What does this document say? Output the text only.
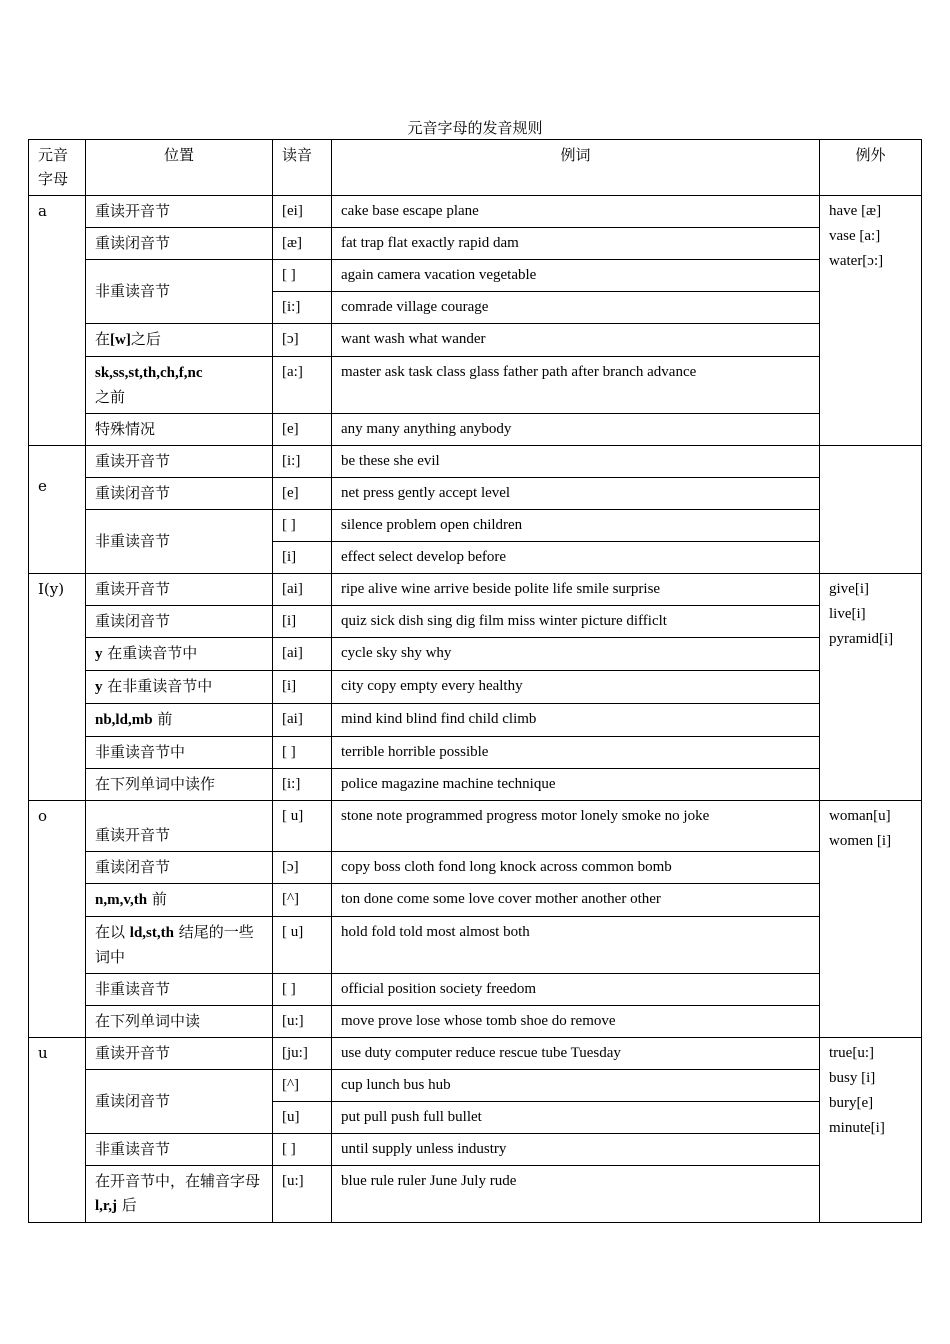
元音字母的发音规则
元音字母	位置	读音	例词	例外
a	重读开音节	[ei]	cake base escape plane	have [æ]
vase [a:]
water[ɔ:]

	重读闭音节	[æ]	fat trap flat exactly rapid dam	
	非重读音节	[ ]	again camera vacation vegetable	
		[i:]	comrade village courage	
	在[w]之后	[ɔ]	want wash what wander	
	sk,ss,st,th,ch,f,nc
之前	[a:]	master ask task class glass father path after branch advance	
	特殊情况	[e]	any many anything anybody	
e	重读开音节	[i:]	be these she evil	
	重读闭音节	[e]	net press gently accept level	
	非重读音节	[ ]	silence problem open children	
		[i]	effect select develop before	
I(y)	重读开音节	[ai]	ripe alive wine arrive beside polite life smile surprise	give[i]
live[i]
pyramid[i]

	重读闭音节	[i]	quiz sick dish sing dig film miss winter picture difficlt	
	y 在重读音节中	[ai]	cycle sky shy why	
	y 在非重读音节中	[i]	city copy empty every healthy	
	nb,ld,mb 前	[ai]	mind kind blind find child climb	
	非重读音节中	[ ]	terrible horrible possible	
	在下列单词中读作	[i:]	police magazine machine technique	
o	重读开音节	[ u]	stone note programmed progress motor lonely smoke no joke	woman[u]
women [i]

	重读闭音节	[ɔ]	copy boss cloth fond long knock across common bomb	
	n,m,v,th 前	[^]	ton done come some love cover mother another other	
	在以 ld,st,th 结尾的一些词中	[ u]	hold fold told most almost both	
	非重读音节	[ ]	official position society freedom	
	在下列单词中读	[u:]	move prove lose whose tomb shoe do remove	
u	重读开音节	[ju:]	use duty computer reduce rescue tube Tuesday	true[u:]
busy [i]
bury[e]
minute[i]

	重读闭音节	[^]	cup lunch bus hub	
		[u]	put pull push full bullet	
	非重读音节	[ ]	until supply unless industry	
	在开音节中，在辅音字母 l,r,j 后	[u:]	blue rule ruler June July rude	
